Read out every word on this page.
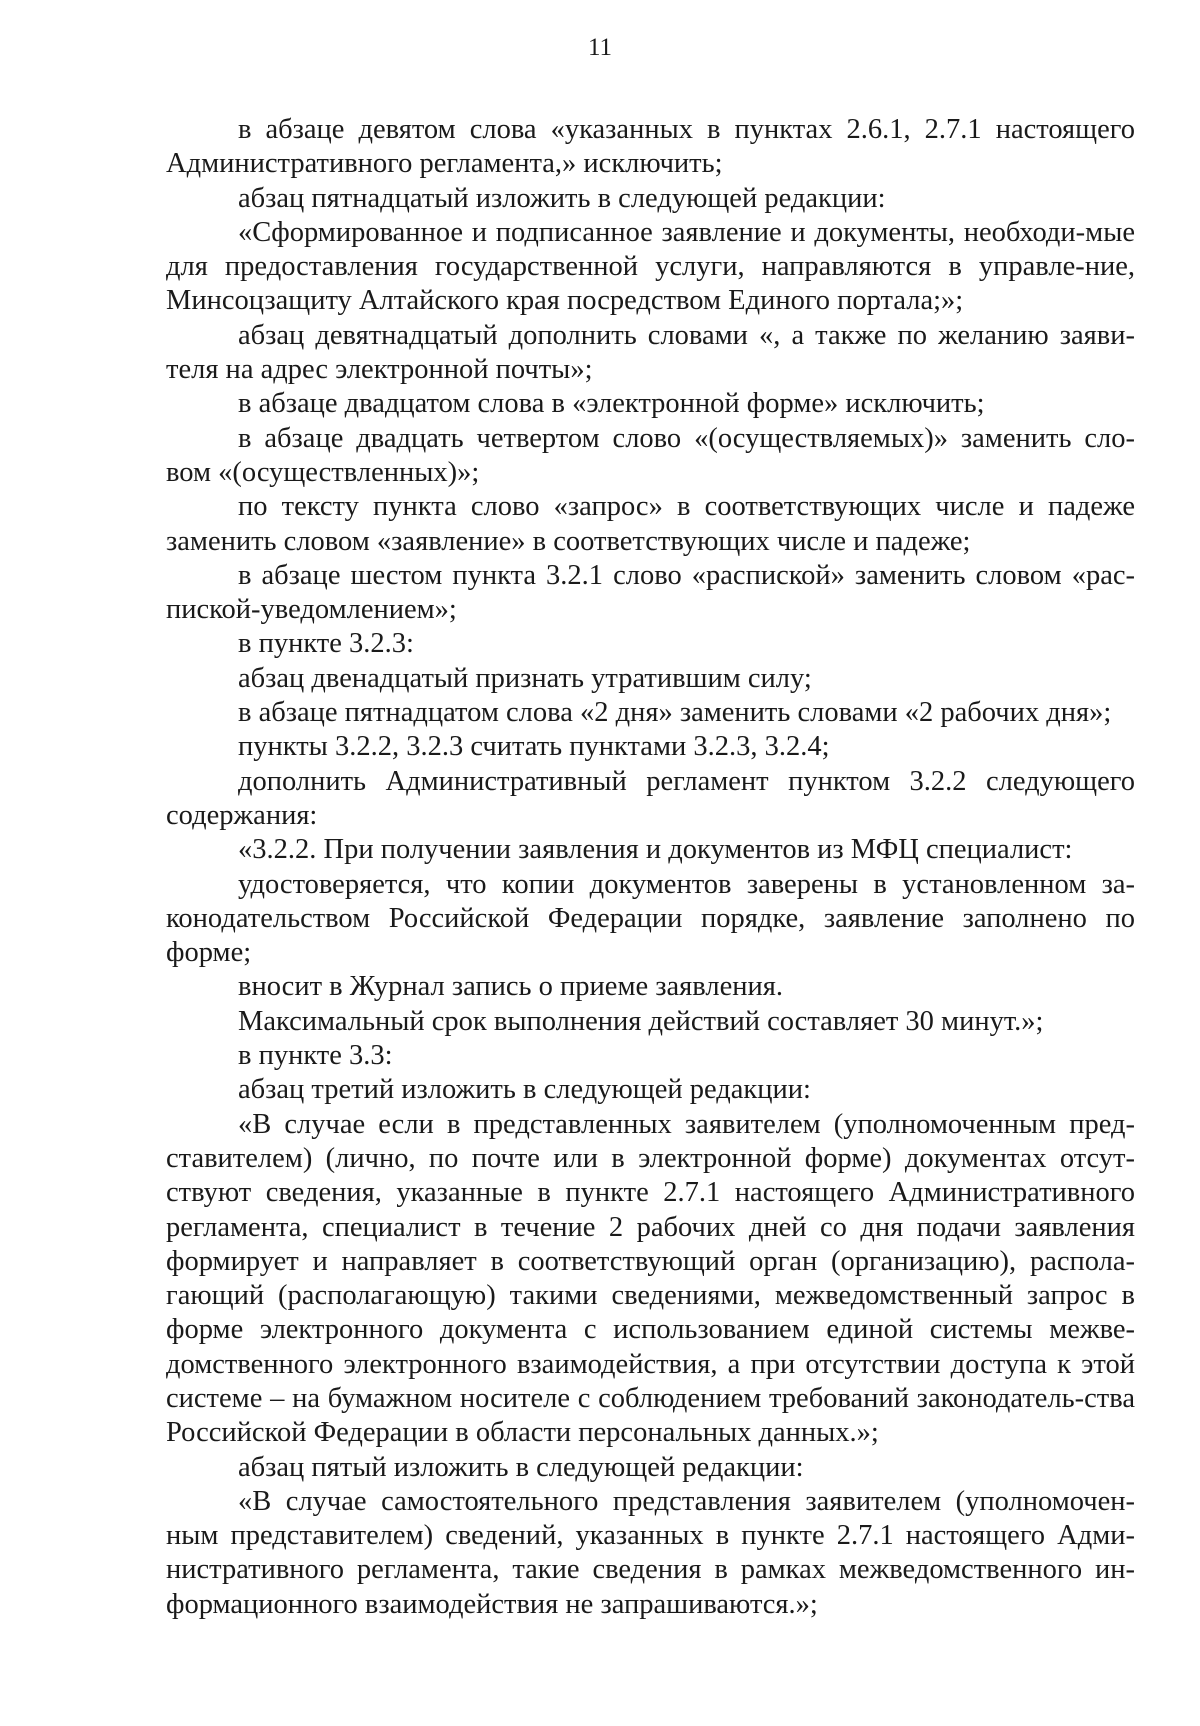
11

в абзаце девятом слова «указанных в пунктах 2.6.1, 2.7.1 настоящего Административного регламента,» исключить;

абзац пятнадцатый изложить в следующей редакции:

«Сформированное и подписанное заявление и документы, необходи-мые для предоставления государственной услуги, направляются в управле-ние, Минсоцзащиту Алтайского края посредством Единого портала;»;

абзац девятнадцатый дополнить словами «, а также по желанию заяви-теля на адрес электронной почты»;

в абзаце двадцатом слова в «электронной форме» исключить;

в абзаце двадцать четвертом слово «(осуществляемых)» заменить сло-вом «(осуществленных)»;

по тексту пункта слово «запрос» в соответствующих числе и падеже заменить словом «заявление» в соответствующих числе и падеже;

в абзаце шестом пункта 3.2.1 слово «распиской» заменить словом «рас-пиской-уведомлением»;

в пункте 3.2.3:

абзац двенадцатый признать утратившим силу;

в абзаце пятнадцатом слова «2 дня» заменить словами «2 рабочих дня»;

пункты 3.2.2, 3.2.3 считать пунктами 3.2.3, 3.2.4;

дополнить Административный регламент пунктом 3.2.2 следующего содержания:

«3.2.2. При получении заявления и документов из МФЦ специалист:

удостоверяется, что копии документов заверены в установленном за-конодательством Российской Федерации порядке, заявление заполнено по форме;

вносит в Журнал запись о приеме заявления.

Максимальный срок выполнения действий составляет 30 минут.»;

в пункте 3.3:

абзац третий изложить в следующей редакции:

«В случае если в представленных заявителем (уполномоченным пред-ставителем) (лично, по почте или в электронной форме) документах отсут-ствуют сведения, указанные в пункте 2.7.1 настоящего Административного регламента, специалист в течение 2 рабочих дней со дня подачи заявления формирует и направляет в соответствующий орган (организацию), распола-гающий (располагающую) такими сведениями, межведомственный запрос в форме электронного документа с использованием единой системы межве-домственного электронного взаимодействия, а при отсутствии доступа к этой системе – на бумажном носителе с соблюдением требований законодатель-ства Российской Федерации в области персональных данных.»;

абзац пятый изложить в следующей редакции:

«В случае самостоятельного представления заявителем (уполномочен-ным представителем) сведений, указанных в пункте 2.7.1 настоящего Адми-нистративного регламента, такие сведения в рамках межведомственного ин-формационного взаимодействия не запрашиваются.»;
